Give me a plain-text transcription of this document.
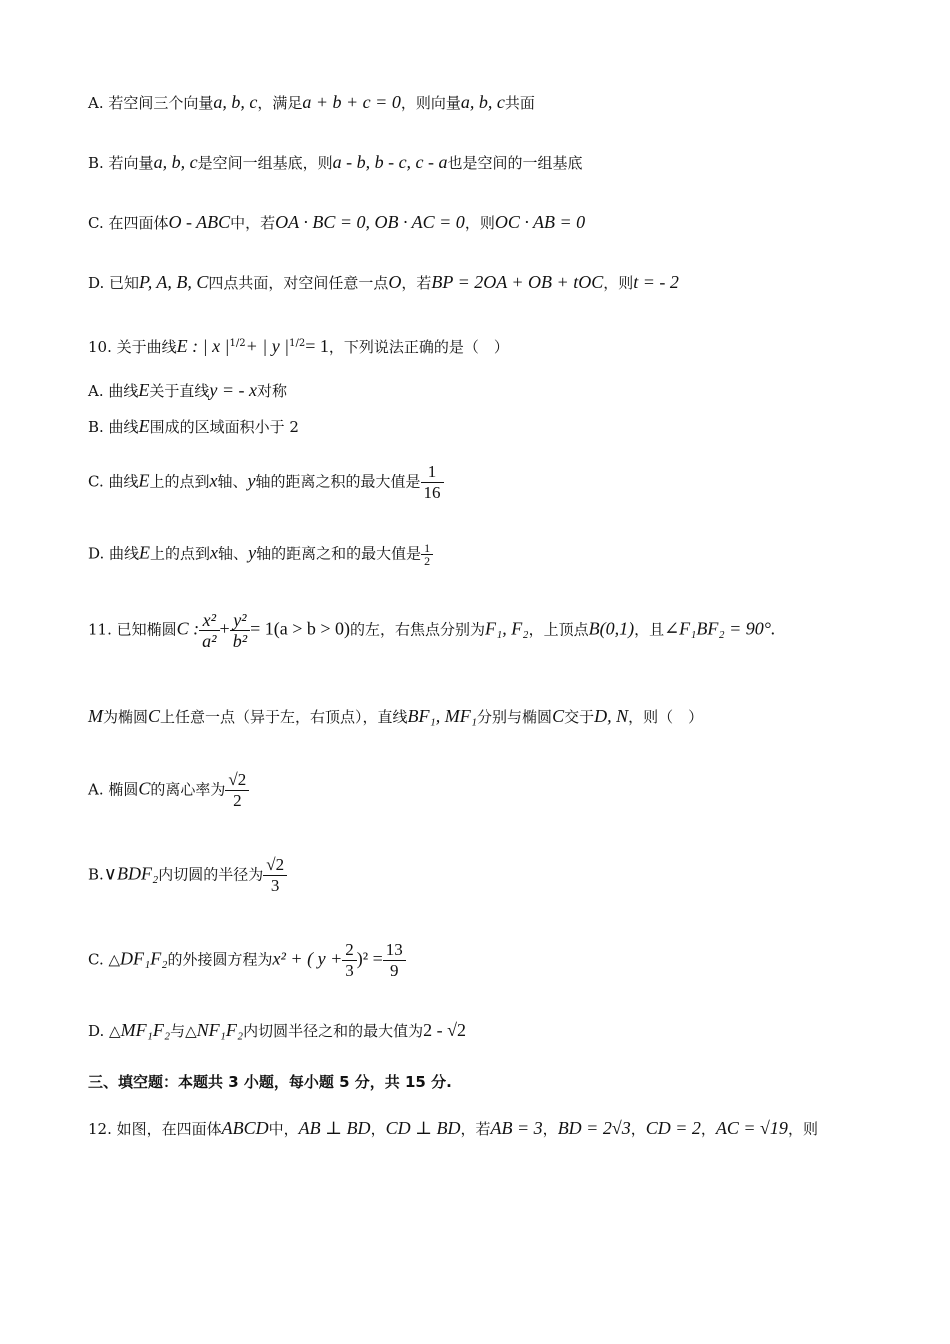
A. 若空间三个向量a, b, c，满足a + b + c = 0，则向量a, b, c共面
B. 若向量a, b, c是空间一组基底，则a - b, b - c, c - a也是空间的一组基底
C. 在四面体O - ABC中，若OA · BC = 0, OB · AC = 0，则OC · AB = 0
D. 已知P, A, B, C四点共面，对空间任意一点O，若BP = 2OA + OB + tOC，则t = - 2
10. 关于曲线E : | x $|^{1/2}+$ | y $|^{1/2}= 1$，下列说法正确的是（　）
A. 曲线E关于直线y = - x对称
B. 曲线E围成的区域面积小于 2
C. 曲线E上的点到x轴、y轴的距离之积的最大值是 $\frac{1}{16}$
D. 曲线E上的点到x轴、y轴的距离之和的最大值是 $\frac{1}{2}$
11. 已知椭圆C : $\frac{\text{x²}}{\text{a²}} + \frac{\text{y²}}{\text{b²}} = 1(a > b > 0)$的左，右焦点分别为F₁, F₂，上顶点B(0,1)，且∠F₁BF₂ = 90°.
M为椭圆C上任意一点（异于左，右顶点），直线BF₁, MF₁分别与椭圆C交于D, N，则（　）
A. 椭圆C的离心率为 $\frac{√2}{2}$
B.∨BDF₂内切圆的半径为 $\frac{√2}{3}$
C. △DF₁F₂的外接圆方程为x² + ( $y + \frac{2}{3} )^2 = \frac{13}{9}$
D. △MF₁F₂与△NF₁F₂内切圆半径之和的最大值为2 - √2
三、填空题：本题共 3 小题，每小题 5 分，共 15 分.
12. 如图，在四面体ABCD中，AB ⊥ BD，CD ⊥ BD，若AB = 3，BD = 2√3，CD = 2，AC = √19，则
